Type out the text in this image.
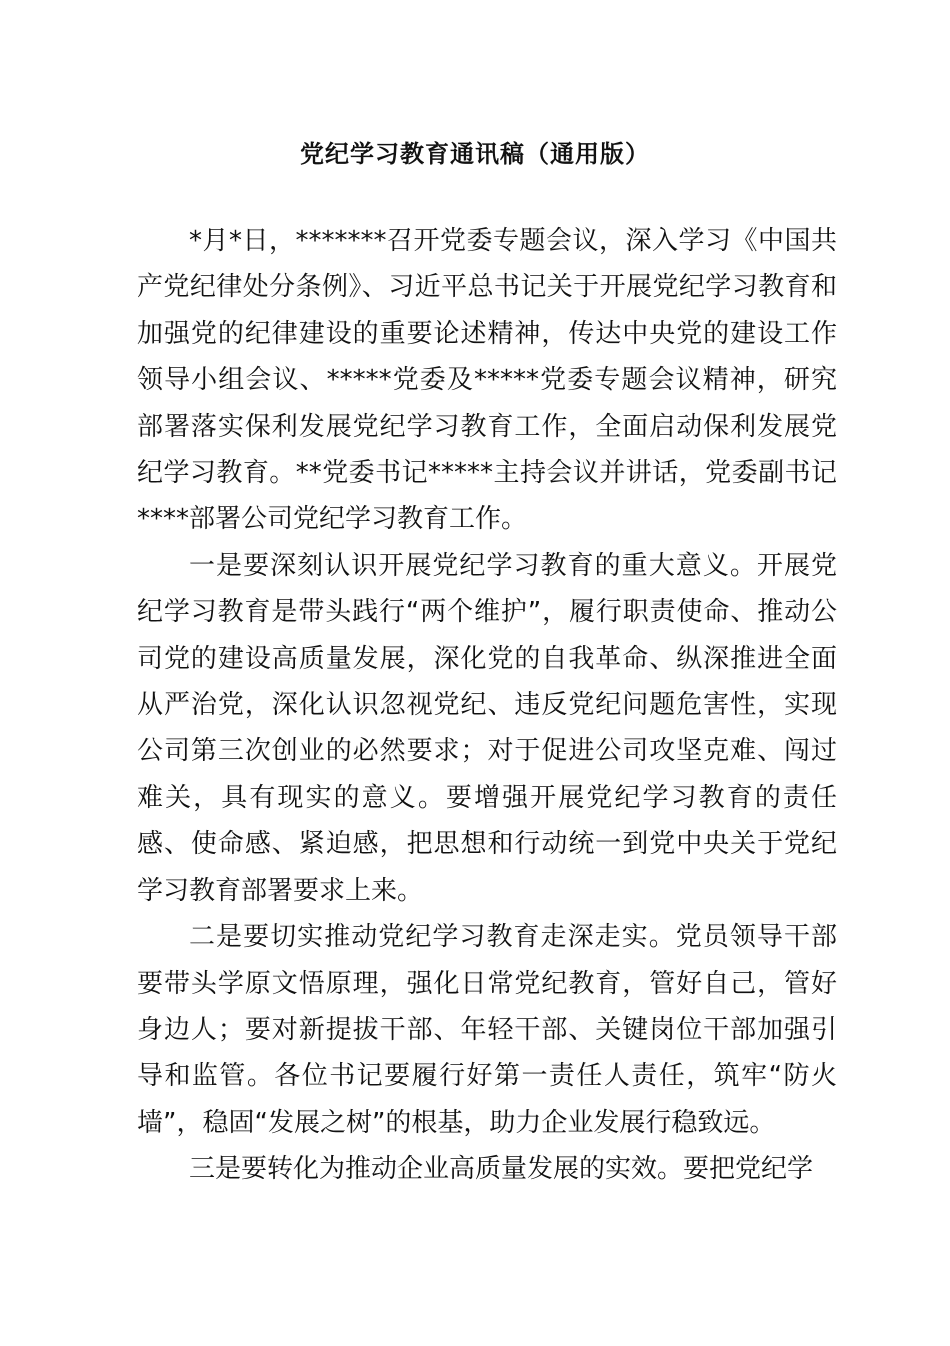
党纪学习教育通讯稿（通用版）

*月*日，*******召开党委专题会议，深入学习《中国共产党纪律处分条例》、习近平总书记关于开展党纪学习教育和加强党的纪律建设的重要论述精神，传达中央党的建设工作领导小组会议、*****党委及*****党委专题会议精神，研究部署落实保利发展党纪学习教育工作，全面启动保利发展党纪学习教育。**党委书记*****主持会议并讲话，党委副书记****部署公司党纪学习教育工作。

一是要深刻认识开展党纪学习教育的重大意义。开展党纪学习教育是带头践行“两个维护”，履行职责使命、推动公司党的建设高质量发展，深化党的自我革命、纵深推进全面从严治党，深化认识忽视党纪、违反党纪问题危害性，实现公司第三次创业的必然要求；对于促进公司攻坚克难、闯过难关，具有现实的意义。要增强开展党纪学习教育的责任感、使命感、紧迫感，把思想和行动统一到党中央关于党纪学习教育部署要求上来。

二是要切实推动党纪学习教育走深走实。党员领导干部要带头学原文悟原理，强化日常党纪教育，管好自己，管好身边人；要对新提拔干部、年轻干部、关键岗位干部加强引导和监管。各位书记要履行好第一责任人责任，筑牢“防火墙”，稳固“发展之树”的根基，助力企业发展行稳致远。

三是要转化为推动企业高质量发展的实效。要把党纪学
